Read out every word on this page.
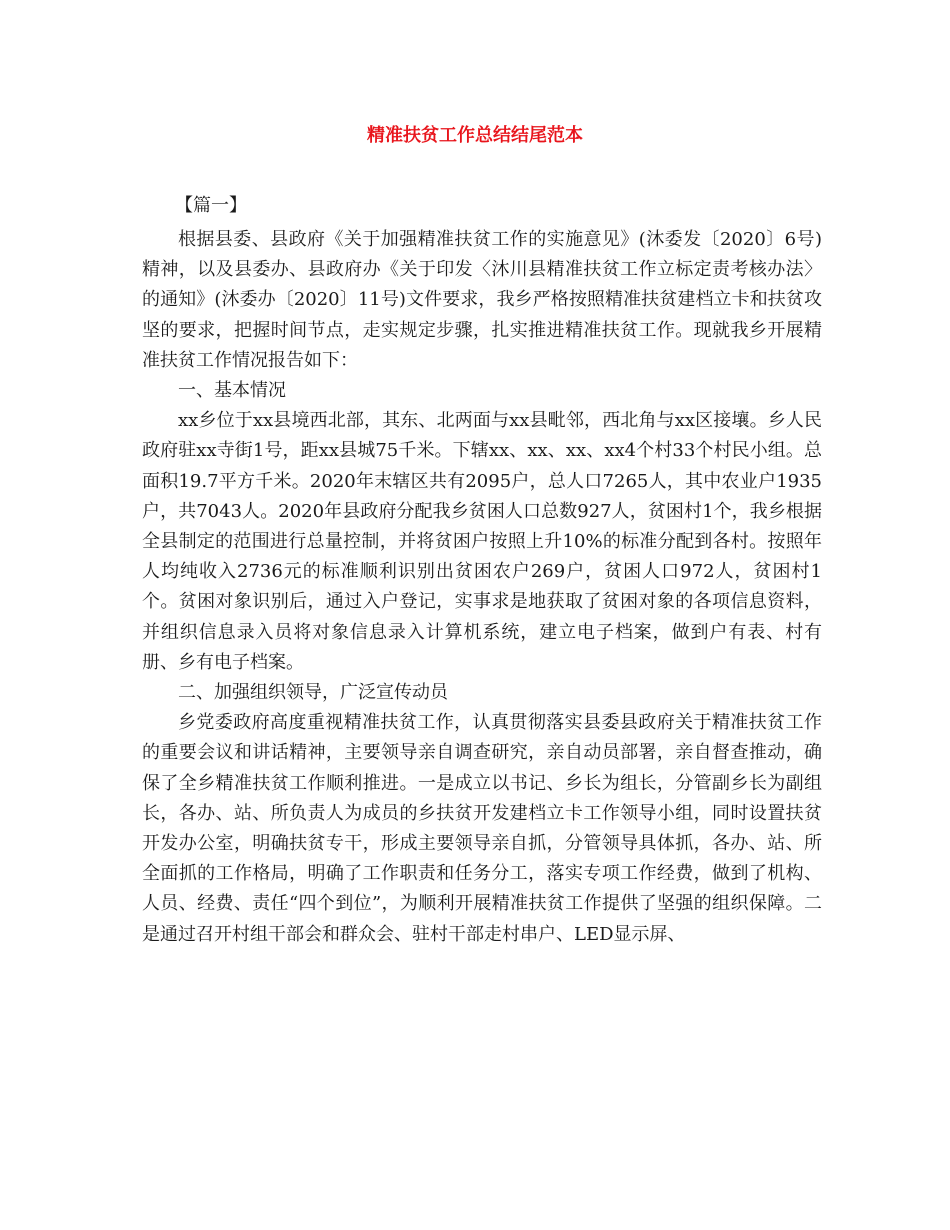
精准扶贫工作总结结尾范本
【篇一】

根据县委、县政府《关于加强精准扶贫工作的实施意见》(沐委发〔2020〕6号)精神，以及县委办、县政府办《关于印发〈沐川县精准扶贫工作立标定责考核办法〉的通知》(沐委办〔2020〕11号)文件要求，我乡严格按照精准扶贫建档立卡和扶贫攻坚的要求，把握时间节点，走实规定步骤，扎实推进精准扶贫工作。现就我乡开展精准扶贫工作情况报告如下：

一、基本情况

xx乡位于xx县境西北部，其东、北两面与xx县毗邻，西北角与xx区接壤。乡人民政府驻xx寺街1号，距xx县城75千米。下辖xx、xx、xx、xx4个村33个村民小组。总面积19.7平方千米。2020年末辖区共有2095户，总人口7265人，其中农业户1935户，共7043人。2020年县政府分配我乡贫困人口总数927人，贫困村1个，我乡根据全县制定的范围进行总量控制，并将贫困户按照上升10%的标准分配到各村。按照年人均纯收入2736元的标准顺利识别出贫困农户269户，贫困人口972人，贫困村1个。贫困对象识别后，通过入户登记，实事求是地获取了贫困对象的各项信息资料，并组织信息录入员将对象信息录入计算机系统，建立电子档案，做到户有表、村有册、乡有电子档案。

二、加强组织领导，广泛宣传动员

乡党委政府高度重视精准扶贫工作，认真贯彻落实县委县政府关于精准扶贫工作的重要会议和讲话精神，主要领导亲自调查研究，亲自动员部署，亲自督查推动，确保了全乡精准扶贫工作顺利推进。一是成立以书记、乡长为组长，分管副乡长为副组长，各办、站、所负责人为成员的乡扶贫开发建档立卡工作领导小组，同时设置扶贫开发办公室，明确扶贫专干，形成主要领导亲自抓，分管领导具体抓，各办、站、所全面抓的工作格局，明确了工作职责和任务分工，落实专项工作经费，做到了机构、人员、经费、责任“四个到位”，为顺利开展精准扶贫工作提供了坚强的组织保障。二是通过召开村组干部会和群众会、驻村干部走村串户、LED显示屏、
